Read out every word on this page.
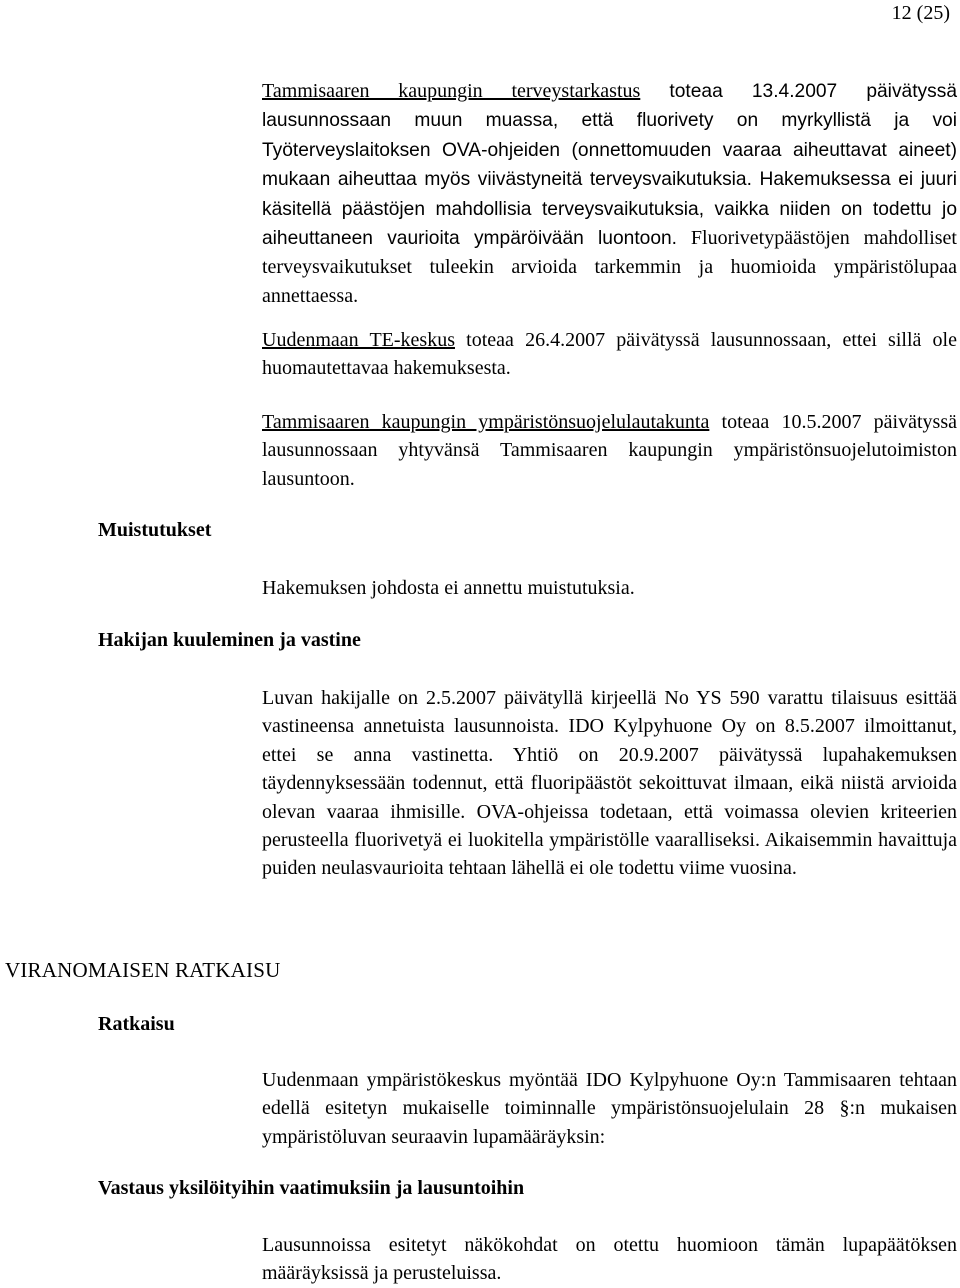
12 (25)

Tammisaaren kaupungin terveystarkastus toteaa 13.4.2007 päivätyssä lausunnossaan muun muassa, että fluorivety on myrkyllistä ja voi Työterveyslaitoksen OVA-ohjeiden (onnettomuuden vaaraa aiheuttavat aineet) mukaan aiheuttaa myös viivästyneitä terveysvaikutuksia. Hakemuksessa ei juuri käsitellä päästöjen mahdollisia terveysvaikutuksia, vaikka niiden on todettu jo aiheuttaneen vaurioita ympäröivään luontoon. Fluorivetypäästöjen mahdolliset terveysvaikutukset tuleekin arvioida tarkemmin ja huomioida ympäristölupaa annettaessa.

Uudenmaan TE-keskus toteaa 26.4.2007 päivätyssä lausunnossaan, ettei sillä ole huomautettavaa hakemuksesta.

Tammisaaren kaupungin ympäristönsuojelulautakunta toteaa 10.5.2007 päivätyssä lausunnossaan yhtyvänsä Tammisaaren kaupungin ympäristönsuojelutoimiston lausuntoon.

Muistutukset

Hakemuksen johdosta ei annettu muistutuksia.

Hakijan kuuleminen ja vastine

Luvan hakijalle on 2.5.2007 päivätyllä kirjeellä No YS 590 varattu tilaisuus esittää vastineensa annetuista lausunnoista. IDO Kylpyhuone Oy on 8.5.2007 ilmoittanut, ettei se anna vastinetta. Yhtiö on 20.9.2007 päivätyssä lupahakemuksen täydennyksessään todennut, että fluoripäästöt sekoittuvat ilmaan, eikä niistä arvioida olevan vaaraa ihmisille. OVA-ohjeissa todetaan, että voimassa olevien kriteerien perusteella fluorivetyä ei luokitella ympäristölle vaaralliseksi. Aikaisemmin havaittuja puiden neulasvaurioita tehtaan lähellä ei ole todettu viime vuosina.

VIRANOMAISEN RATKAISU
Ratkaisu

Uudenmaan ympäristökeskus myöntää IDO Kylpyhuone Oy:n Tammisaaren tehtaan edellä esitetyn mukaiselle toiminnalle ympäristönsuojelulain 28 §:n mukaisen ympäristöluvan seuraavin lupamääräyksin:

Vastaus yksilöityihin vaatimuksiin ja lausuntoihin

Lausunnoissa esitetyt näkökohdat on otettu huomioon tämän lupapäätöksen määräyksissä ja perusteluissa.
